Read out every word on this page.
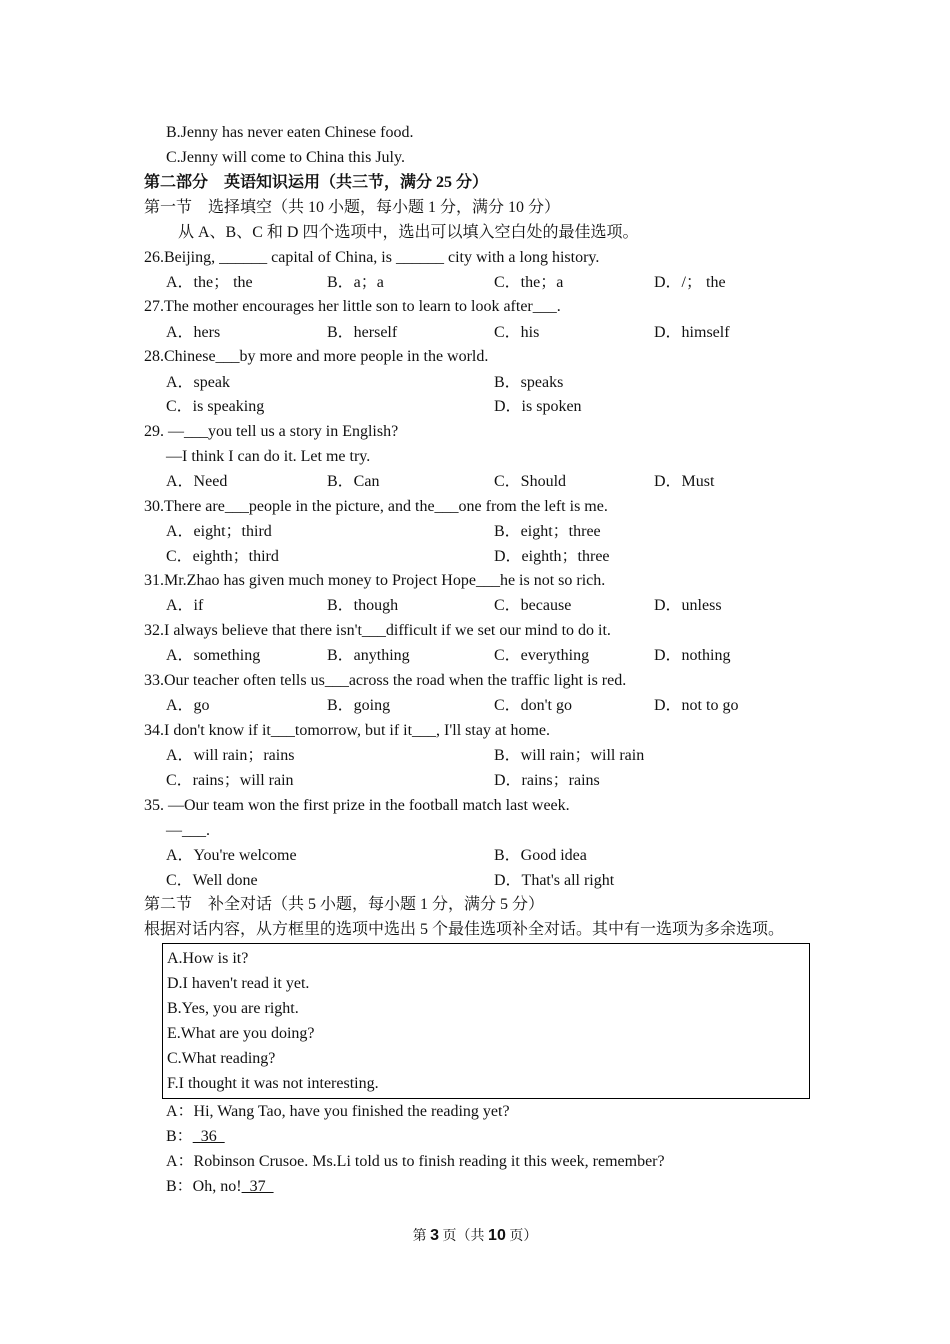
B.Jenny has never eaten Chinese food.
C.Jenny will come to China this July.
第二部分　英语知识运用（共三节，满分 25 分）
第一节　选择填空（共 10 小题，每小题 1 分，满分 10 分）
从 A、B、C 和 D 四个选项中，选出可以填入空白处的最佳选项。
26.Beijing, ______ capital of China, is ______ city with a long history.
A．the； the	B．a；a	C．the；a	D．/； the
27.The mother encourages her little son to learn to look after___.
A．hers	B．herself	C．his	D．himself
28.Chinese___by more and more people in the world.
A．speak	B．speaks
C．is speaking	D．is spoken
29. —___you tell us a story in English?
—I think I can do it. Let me try.
A．Need	B．Can	C．Should	D．Must
30.There are___people in the picture, and the___one from the left is me.
A．eight；third	B．eight；three
C．eighth；third	D．eighth；three
31.Mr.Zhao has given much money to Project Hope___he is not so rich.
A．if	B．though	C．because	D．unless
32.I always believe that there isn't___difficult if we set our mind to do it.
A．something	B．anything	C．everything	D．nothing
33.Our teacher often tells us___across the road when the traffic light is red.
A．go	B．going	C．don't go	D．not to go
34.I don't know if it___tomorrow, but if it___, I'll stay at home.
A．will rain；rains	B．will rain；will rain
C．rains；will rain	D．rains；rains
35. —Our team won the first prize in the football match last week.
—___.
A．You're welcome	B．Good idea
C．Well done	D．That's all right
第二节　补全对话（共 5 小题，每小题 1 分，满分 5 分）
根据对话内容，从方框里的选项中选出 5 个最佳选项补全对话。其中有一选项为多余选项。
A.How is it?
D.I haven't read it yet.
B.Yes, you are right.
E.What are you doing?
C.What reading?
F.I thought it was not interesting.
A：Hi, Wang Tao, have you finished the reading yet?
B：  36
A：Robinson Crusoe. Ms.Li told us to finish reading it this week, remember?
B：Oh, no!  37
第 3 页（共 10 页）
